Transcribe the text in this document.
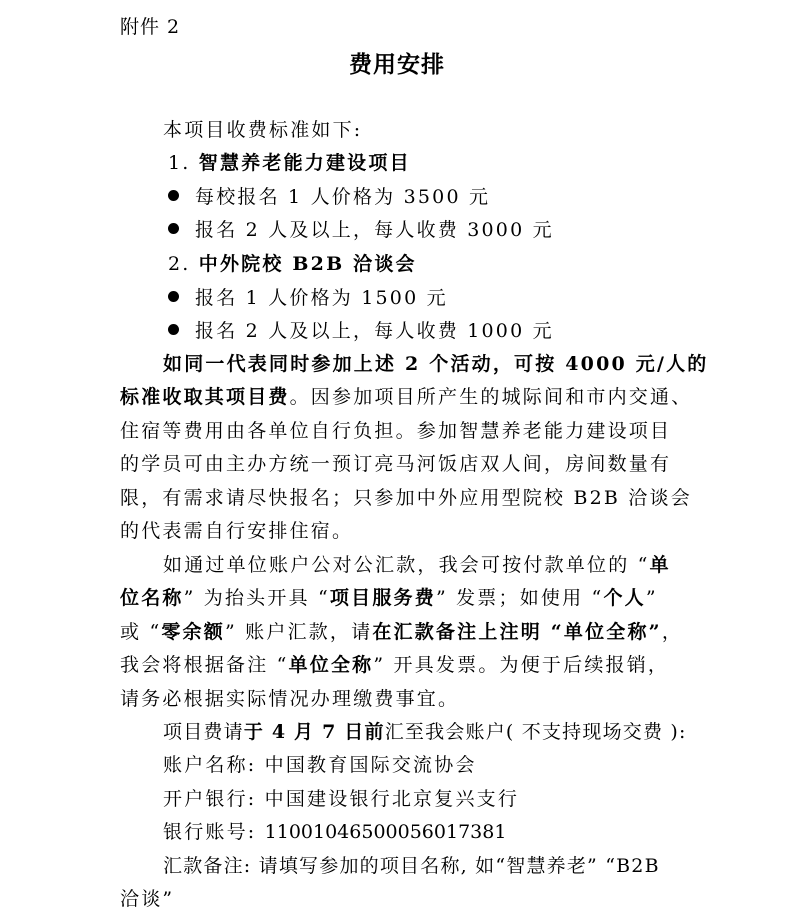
附件 2
费用安排
本项目收费标准如下:
1. 智慧养老能力建设项目
每校报名 1 人价格为 3500 元
报名 2 人及以上，每人收费 3000 元
2. 中外院校 B2B 洽谈会
报名 1 人价格为 1500 元
报名 2 人及以上，每人收费 1000 元
如同一代表同时参加上述 2 个活动，可按 4000 元/人的
标准收取其项目费。因参加项目所产生的城际间和市内交通、
住宿等费用由各单位自行负担。参加智慧养老能力建设项目
的学员可由主办方统一预订亮马河饭店双人间，房间数量有
限，有需求请尽快报名；只参加中外应用型院校 B2B 洽谈会
的代表需自行安排住宿。
如通过单位账户公对公汇款，我会可按付款单位的 “单
位名称” 为抬头开具 “项目服务费” 发票；如使用 “个人”
或 “零余额” 账户汇款，请在汇款备注上注明 “单位全称”，
我会将根据备注 “单位全称” 开具发票。为便于后续报销，
请务必根据实际情况办理缴费事宜。
项目费请于 4 月 7 日前汇至我会账户( 不支持现场交费 ):
账户名称: 中国教育国际交流协会
开户银行: 中国建设银行北京复兴支行
银行账号: 11001046500056017381
汇款备注: 请填写参加的项目名称, 如“智慧养老” “B2B
洽谈”
